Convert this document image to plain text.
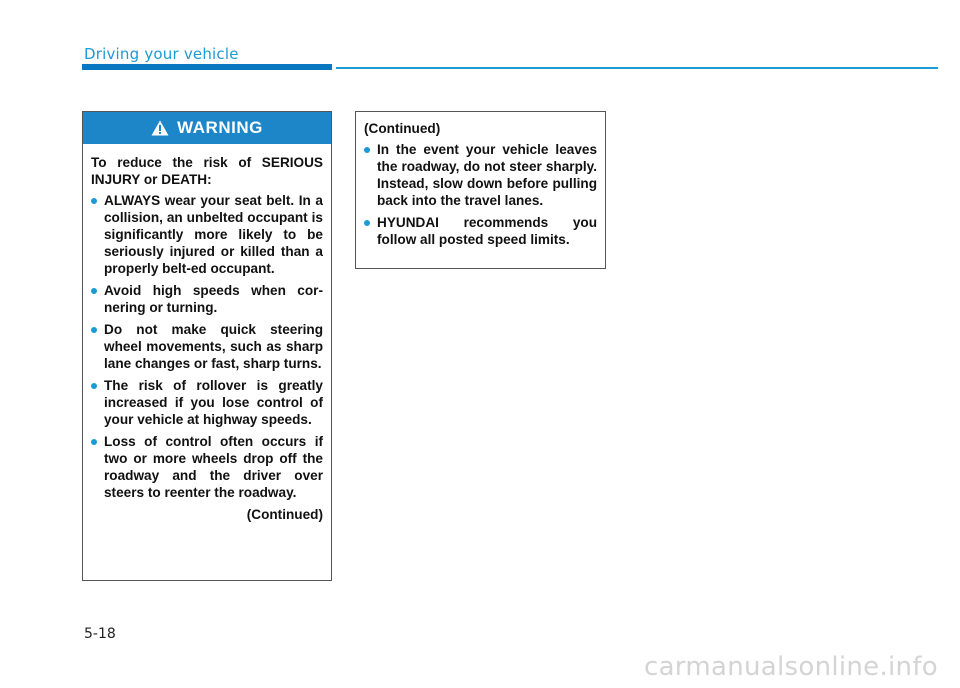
Driving your vehicle
WARNING

To reduce the risk of SERIOUS INJURY or DEATH:

ALWAYS wear your seat belt. In a collision, an unbelted occupant is significantly more likely to be seriously injured or killed than a properly belt-ed occupant.
Avoid high speeds when cor-nering or turning.
Do not make quick steering wheel movements, such as sharp lane changes or fast, sharp turns.
The risk of rollover is greatly increased if you lose control of your vehicle at highway speeds.
Loss of control often occurs if two or more wheels drop off the roadway and the driver over steers to reenter the roadway.

(Continued)

(Continued)

In the event your vehicle leaves the roadway, do not steer sharply. Instead, slow down before pulling back into the travel lanes.
HYUNDAI recommends you follow all posted speed limits.
5-18
carmanualsonline.info
